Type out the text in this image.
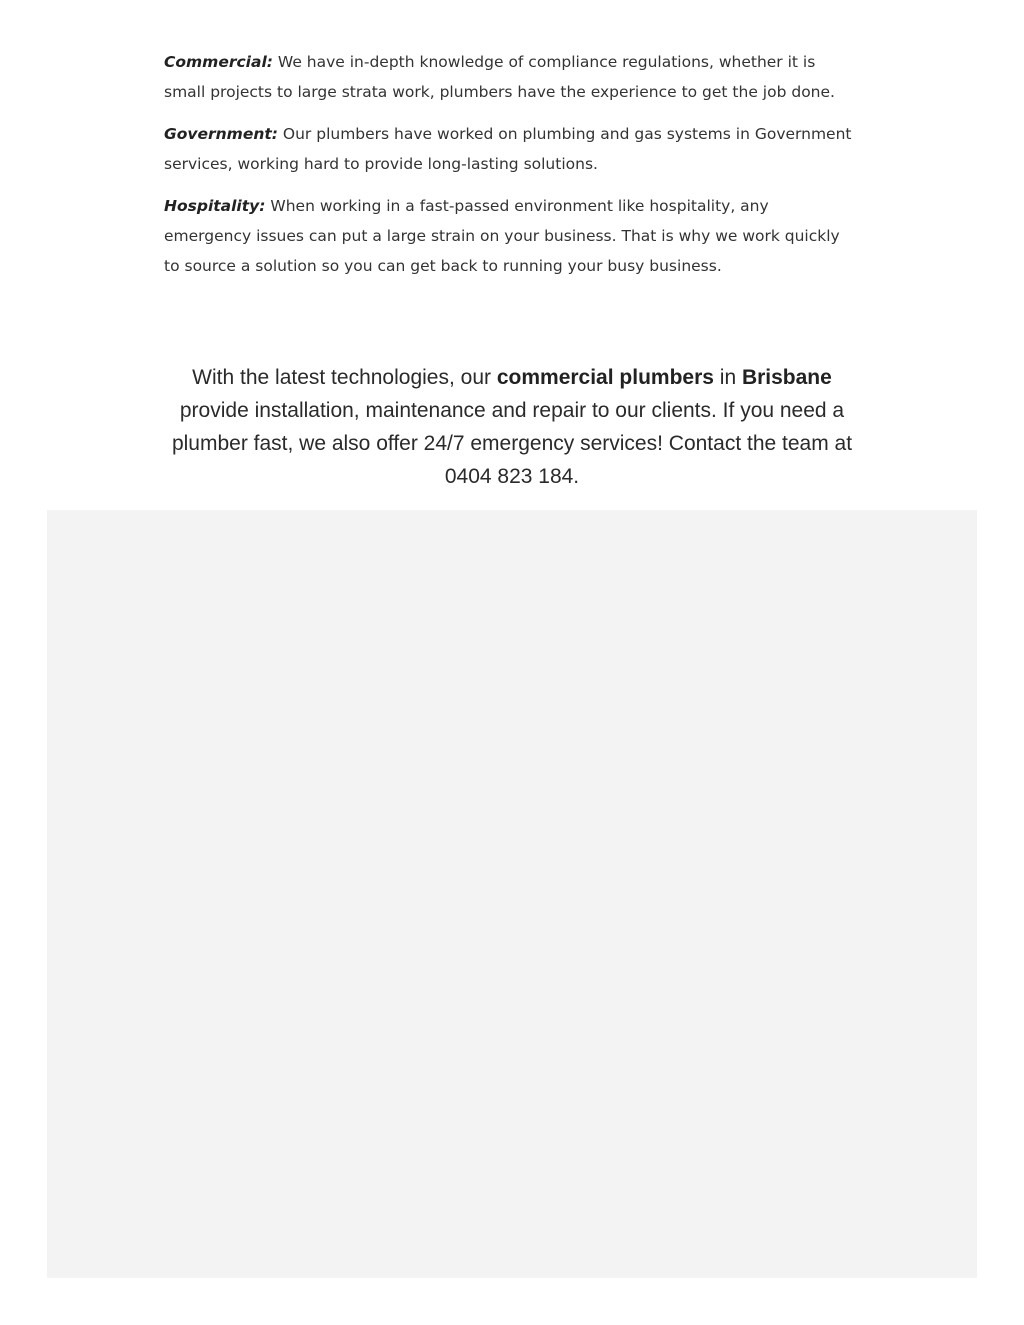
Commercial: We have in-depth knowledge of compliance regulations, whether it is small projects to large strata work, plumbers have the experience to get the job done.

Government: Our plumbers have worked on plumbing and gas systems in Government services, working hard to provide long-lasting solutions.

Hospitality: When working in a fast-passed environment like hospitality, any emergency issues can put a large strain on your business. That is why we work quickly to source a solution so you can get back to running your busy business.

With the latest technologies, our commercial plumbers in Brisbane provide installation, maintenance and repair to our clients. If you need a plumber fast, we also offer 24/7 emergency services! Contact the team at 0404 823 184.
